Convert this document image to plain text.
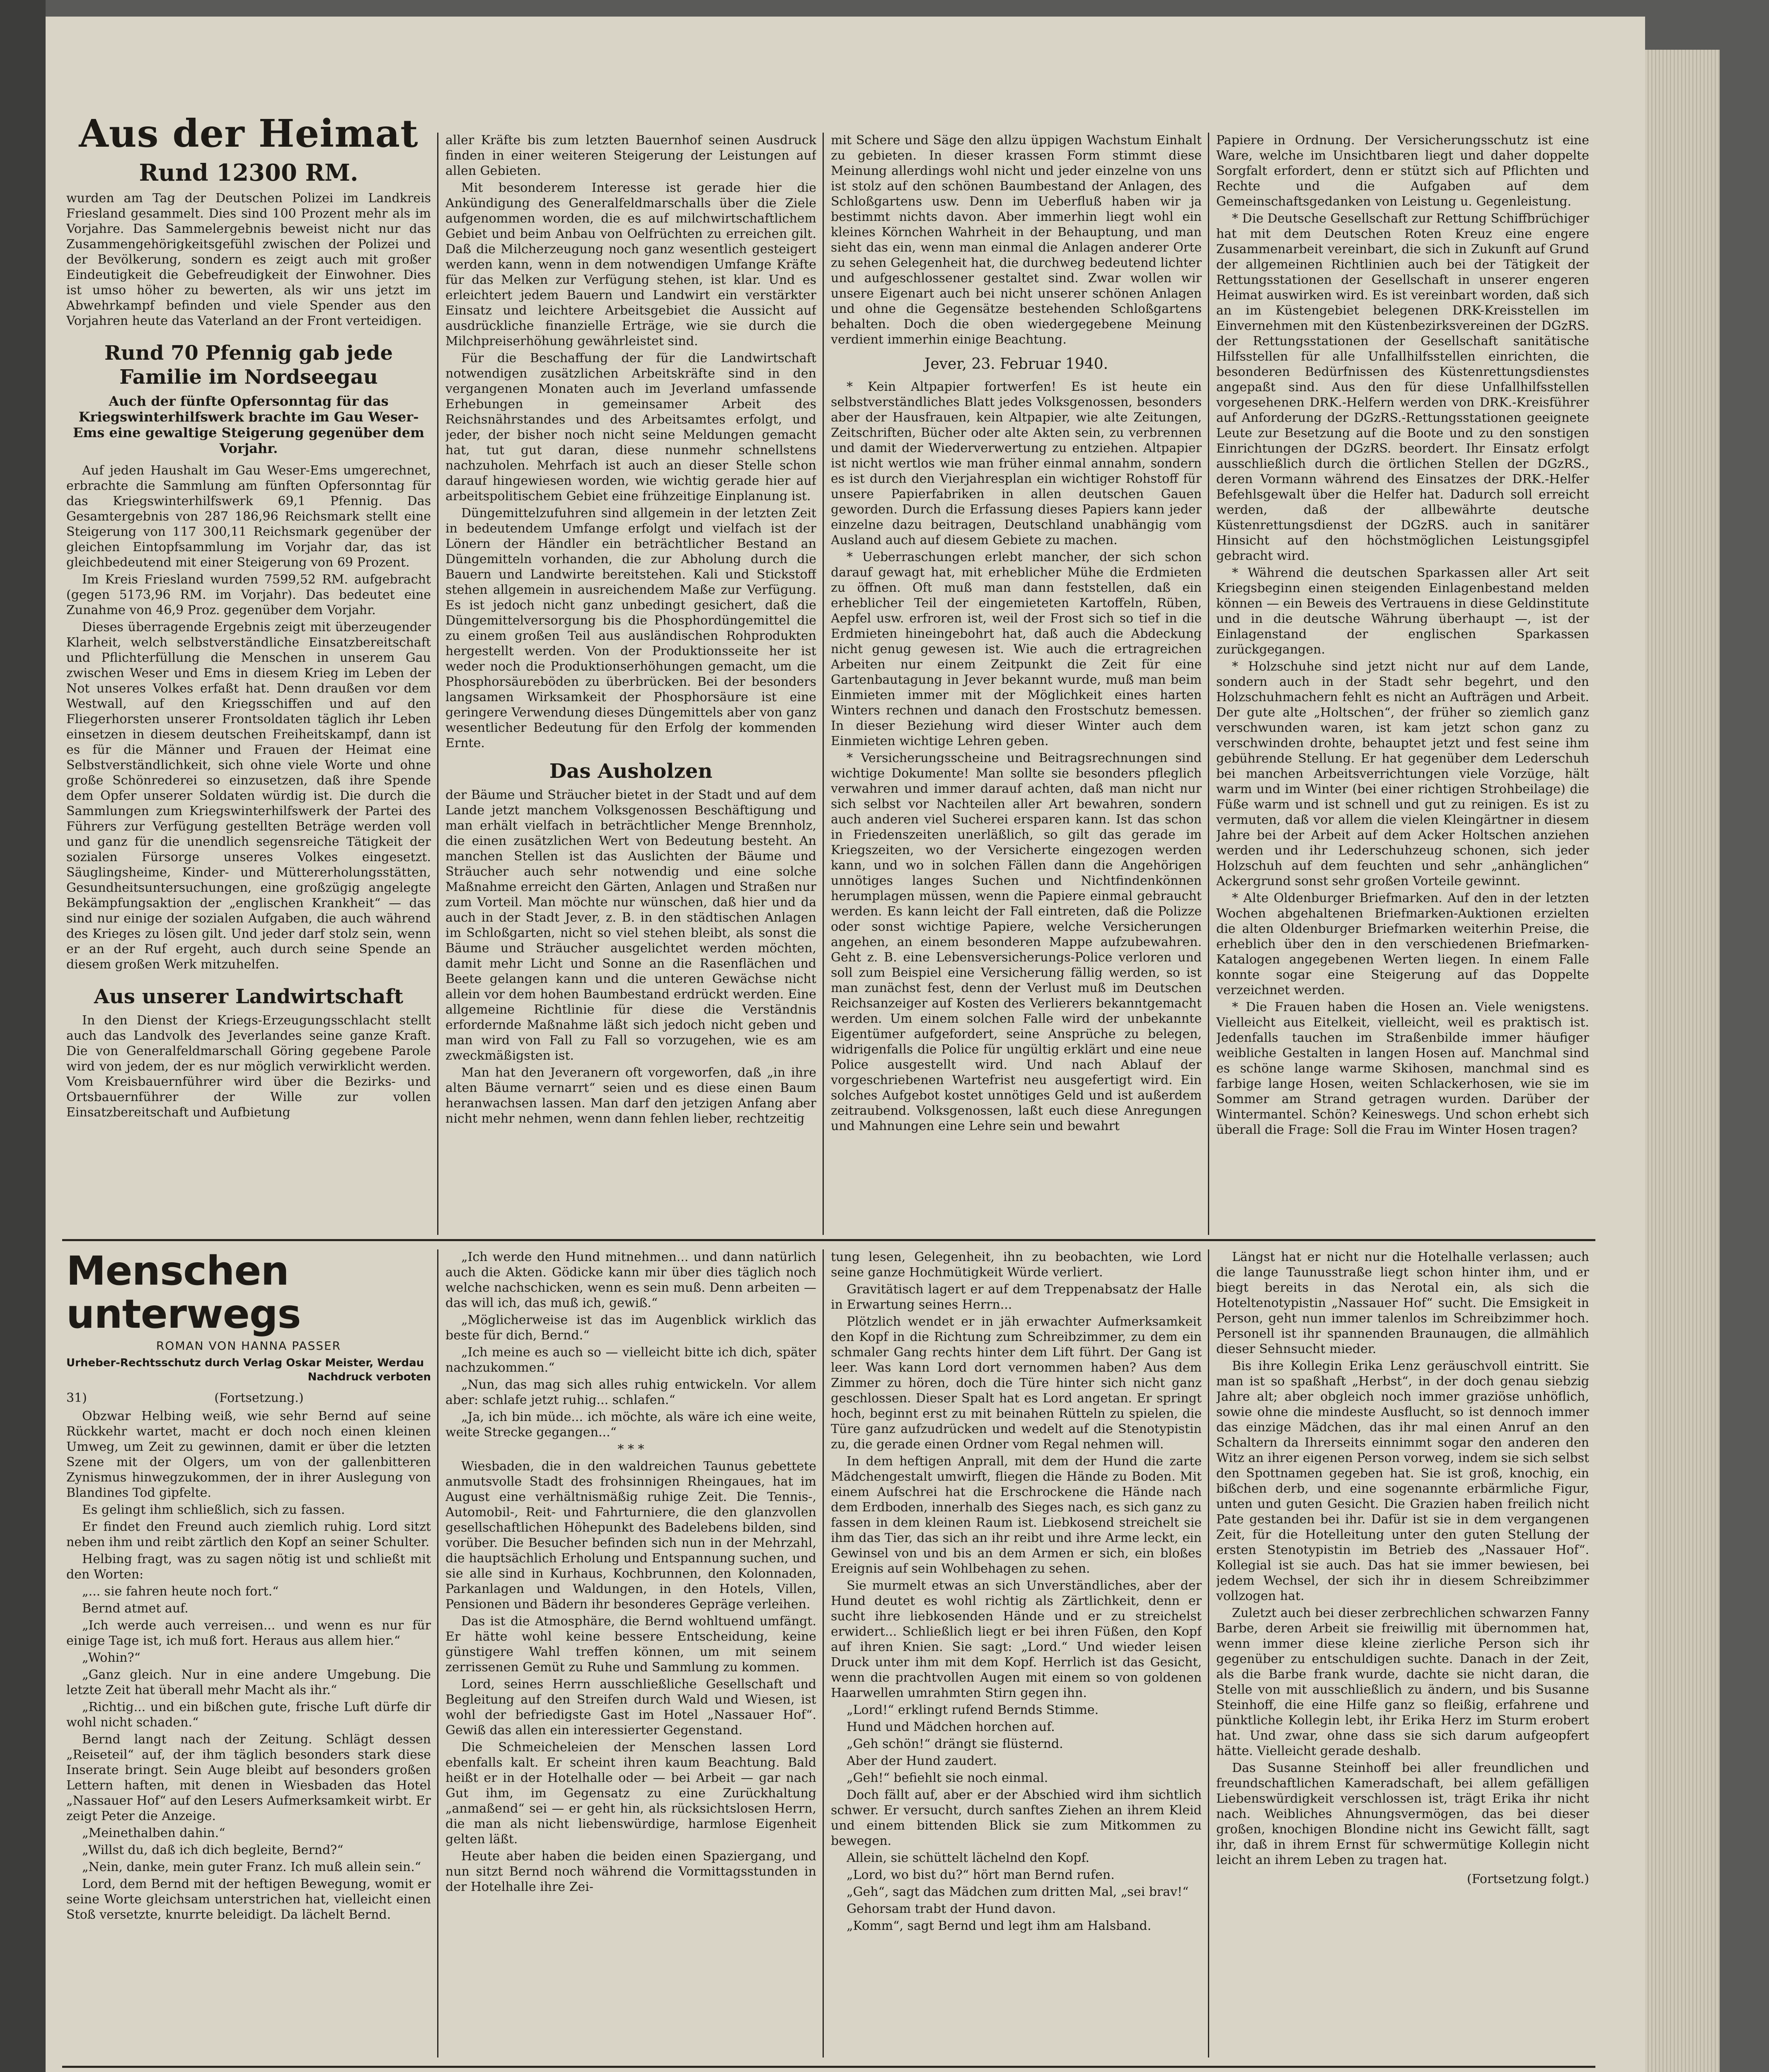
Aus der Heimat
Rund 12300 RM.

wurden am Tag der Deutschen Polizei im Landkreis Friesland gesammelt. Dies sind 100 Prozent mehr als im Vorjahre. Das Sammelergebnis beweist nicht nur das Zusammengehörigkeitsgefühl zwischen der Polizei und der Bevölkerung, sondern es zeigt auch mit großer Eindeutigkeit die Gebefreudigkeit der Einwohner. Dies ist umso höher zu bewerten, als wir uns jetzt im Abwehrkampf befinden und viele Spender aus den Vorjahren heute das Vaterland an der Front verteidigen.

Rund 70 Pfennig gab jede Familie im Nordseegau
Auch der fünfte Opfersonntag für das Kriegswinterhilfswerk brachte im Gau Weser-Ems eine gewaltige Steigerung gegenüber dem Vorjahr.

Auf jeden Haushalt im Gau Weser-Ems umgerechnet, erbrachte die Sammlung am fünften Opfersonntag für das Kriegswinterhilfswerk 69,1 Pfennig. Das Gesamtergebnis von 287 186,96 Reichsmark stellt eine Steigerung von 117 300,11 Reichsmark gegenüber der gleichen Eintopfsammlung im Vorjahr dar, das ist gleichbedeutend mit einer Steigerung von 69 Prozent.

Im Kreis Friesland wurden 7599,52 RM. aufgebracht (gegen 5173,96 RM. im Vorjahr). Das bedeutet eine Zunahme von 46,9 Proz. gegenüber dem Vorjahr.

Dieses überragende Ergebnis zeigt mit überzeugender Klarheit, welch selbstverständliche Einsatzbereitschaft und Pflichterfüllung die Menschen in unserem Gau zwischen Weser und Ems in diesem Krieg im Leben der Not unseres Volkes erfaßt hat. Denn draußen vor dem Westwall, auf den Kriegsschiffen und auf den Fliegerhorsten unserer Frontsoldaten täglich ihr Leben einsetzen in diesem deutschen Freiheitskampf, dann ist es für die Männer und Frauen der Heimat eine Selbstverständlichkeit, sich ohne viele Worte und ohne große Schönrederei so einzusetzen, daß ihre Spende dem Opfer unserer Soldaten würdig ist. Die durch die Sammlungen zum Kriegswinterhilfswerk der Partei des Führers zur Verfügung gestellten Beträge werden voll und ganz für die unendlich segensreiche Tätigkeit der sozialen Fürsorge unseres Volkes eingesetzt. Säuglingsheime, Kinder- und Müttererholungsstätten, Gesundheitsuntersuchungen, eine großzügig angelegte Bekämpfungsaktion der „englischen Krankheit“ — das sind nur einige der sozialen Aufgaben, die auch während des Krieges zu lösen gilt. Und jeder darf stolz sein, wenn er an der Ruf ergeht, auch durch seine Spende an diesem großen Werk mitzuhelfen.

Aus unserer Landwirtschaft

In den Dienst der Kriegs-Erzeugungsschlacht stellt auch das Landvolk des Jeverlandes seine ganze Kraft. Die von Generalfeldmarschall Göring gegebene Parole wird von jedem, der es nur möglich verwirklicht werden. Vom Kreisbauernführer wird über die Bezirks- und Ortsbauernführer der Wille zur vollen Einsatzbereitschaft und Aufbietung

aller Kräfte bis zum letzten Bauernhof seinen Ausdruck finden in einer weiteren Steigerung der Leistungen auf allen Gebieten.

Mit besonderem Interesse ist gerade hier die Ankündigung des Generalfeldmarschalls über die Ziele aufgenommen worden, die es auf milchwirtschaftlichem Gebiet und beim Anbau von Oelfrüchten zu erreichen gilt. Daß die Milcherzeugung noch ganz wesentlich gesteigert werden kann, wenn in dem notwendigen Umfange Kräfte für das Melken zur Verfügung stehen, ist klar. Und es erleichtert jedem Bauern und Landwirt ein verstärkter Einsatz und leichtere Arbeitsgebiet die Aussicht auf ausdrückliche finanzielle Erträge, wie sie durch die Milchpreiserhöhung gewährleistet sind.

Für die Beschaffung der für die Landwirtschaft notwendigen zusätzlichen Arbeitskräfte sind in den vergangenen Monaten auch im Jeverland umfassende Erhebungen in gemeinsamer Arbeit des Reichsnährstandes und des Arbeitsamtes erfolgt, und jeder, der bisher noch nicht seine Meldungen gemacht hat, tut gut daran, diese nunmehr schnellstens nachzuholen. Mehrfach ist auch an dieser Stelle schon darauf hingewiesen worden, wie wichtig gerade hier auf arbeitspolitischem Gebiet eine frühzeitige Einplanung ist.

Düngemittelzufuhren sind allgemein in der letzten Zeit in bedeutendem Umfange erfolgt und vielfach ist der Lönern der Händler ein beträchtlicher Bestand an Düngemitteln vorhanden, die zur Abholung durch die Bauern und Landwirte bereitstehen. Kali und Stickstoff stehen allgemein in ausreichendem Maße zur Verfügung. Es ist jedoch nicht ganz unbedingt gesichert, daß die Düngemittelversorgung bis die Phosphordüngemittel die zu einem großen Teil aus ausländischen Rohprodukten hergestellt werden. Von der Produktionsseite her ist weder noch die Produktionserhöhungen gemacht, um die Phosphorsäureböden zu überbrücken. Bei der besonders langsamen Wirksamkeit der Phosphorsäure ist eine geringere Verwendung dieses Düngemittels aber von ganz wesentlicher Bedeutung für den Erfolg der kommenden Ernte.

Das Ausholzen

der Bäume und Sträucher bietet in der Stadt und auf dem Lande jetzt manchem Volksgenossen Beschäftigung und man erhält vielfach in beträchtlicher Menge Brennholz, die einen zusätzlichen Wert von Bedeutung besteht. An manchen Stellen ist das Auslichten der Bäume und Sträucher auch sehr notwendig und eine solche Maßnahme erreicht den Gärten, Anlagen und Straßen nur zum Vorteil. Man möchte nur wünschen, daß hier und da auch in der Stadt Jever, z. B. in den städtischen Anlagen im Schloßgarten, nicht so viel stehen bleibt, als sonst die Bäume und Sträucher ausgelichtet werden möchten, damit mehr Licht und Sonne an die Rasenflächen und Beete gelangen kann und die unteren Gewächse nicht allein vor dem hohen Baumbestand erdrückt werden. Eine allgemeine Richtlinie für diese die Verständnis erfordernde Maßnahme läßt sich jedoch nicht geben und man wird von Fall zu Fall so vorzugehen, wie es am zweckmäßigsten ist.

Man hat den Jeveranern oft vorgeworfen, daß „in ihre alten Bäume vernarrt“ seien und es diese einen Baum heranwachsen lassen. Man darf den jetzigen Anfang aber nicht mehr nehmen, wenn dann fehlen lieber, rechtzeitig

mit Schere und Säge den allzu üppigen Wachstum Einhalt zu gebieten. In dieser krassen Form stimmt diese Meinung allerdings wohl nicht und jeder einzelne von uns ist stolz auf den schönen Baumbestand der Anlagen, des Schloßgartens usw. Denn im Ueberfluß haben wir ja bestimmt nichts davon. Aber immerhin liegt wohl ein kleines Körnchen Wahrheit in der Behauptung, und man sieht das ein, wenn man einmal die Anlagen anderer Orte zu sehen Gelegenheit hat, die durchweg bedeutend lichter und aufgeschlossener gestaltet sind. Zwar wollen wir unsere Eigenart auch bei nicht unserer schönen Anlagen und ohne die Gegensätze bestehenden Schloßgartens behalten. Doch die oben wiedergegebene Meinung verdient immerhin einige Beachtung.

Jever, 23. Februar 1940.

* Kein Altpapier fortwerfen! Es ist heute ein selbstverständliches Blatt jedes Volksgenossen, besonders aber der Hausfrauen, kein Altpapier, wie alte Zeitungen, Zeitschriften, Bücher oder alte Akten sein, zu verbrennen und damit der Wiederverwertung zu entziehen. Altpapier ist nicht wertlos wie man früher einmal annahm, sondern es ist durch den Vierjahresplan ein wichtiger Rohstoff für unsere Papierfabriken in allen deutschen Gauen geworden. Durch die Erfassung dieses Papiers kann jeder einzelne dazu beitragen, Deutschland unabhängig vom Ausland auch auf diesem Gebiete zu machen.

* Ueberraschungen erlebt mancher, der sich schon darauf gewagt hat, mit erheblicher Mühe die Erdmieten zu öffnen. Oft muß man dann feststellen, daß ein erheblicher Teil der eingemieteten Kartoffeln, Rüben, Aepfel usw. erfroren ist, weil der Frost sich so tief in die Erdmieten hineingebohrt hat, daß auch die Abdeckung nicht genug gewesen ist. Wie auch die ertragreichen Arbeiten nur einem Zeitpunkt die Zeit für eine Gartenbautagung in Jever bekannt wurde, muß man beim Einmieten immer mit der Möglichkeit eines harten Winters rechnen und danach den Frostschutz bemessen. In dieser Beziehung wird dieser Winter auch dem Einmieten wichtige Lehren geben.

* Versicherungsscheine und Beitragsrechnungen sind wichtige Dokumente! Man sollte sie besonders pfleglich verwahren und immer darauf achten, daß man nicht nur sich selbst vor Nachteilen aller Art bewahren, sondern auch anderen viel Sucherei ersparen kann. Ist das schon in Friedenszeiten unerläßlich, so gilt das gerade im Kriegszeiten, wo der Versicherte eingezogen werden kann, und wo in solchen Fällen dann die Angehörigen unnötiges langes Suchen und Nichtfindenkönnen herumplagen müssen, wenn die Papiere einmal gebraucht werden. Es kann leicht der Fall eintreten, daß die Polizze oder sonst wichtige Papiere, welche Versicherungen angehen, an einem besonderen Mappe aufzubewahren. Geht z. B. eine Lebensversicherungs-Police verloren und soll zum Beispiel eine Versicherung fällig werden, so ist man zunächst fest, denn der Verlust muß im Deutschen Reichsanzeiger auf Kosten des Verlierers bekanntgemacht werden. Um einem solchen Falle wird der unbekannte Eigentümer aufgefordert, seine Ansprüche zu belegen, widrigenfalls die Police für ungültig erklärt und eine neue Police ausgestellt wird. Und nach Ablauf der vorgeschriebenen Wartefrist neu ausgefertigt wird. Ein solches Aufgebot kostet unnötiges Geld und ist außerdem zeitraubend. Volksgenossen, laßt euch diese Anregungen und Mahnungen eine Lehre sein und bewahrt

Papiere in Ordnung. Der Versicherungsschutz ist eine Ware, welche im Unsichtbaren liegt und daher doppelte Sorgfalt erfordert, denn er stützt sich auf Pflichten und Rechte und die Aufgaben auf dem Gemeinschaftsgedanken von Leistung u. Gegenleistung.

* Die Deutsche Gesellschaft zur Rettung Schiffbrüchiger hat mit dem Deutschen Roten Kreuz eine engere Zusammenarbeit vereinbart, die sich in Zukunft auf Grund der allgemeinen Richtlinien auch bei der Tätigkeit der Rettungsstationen der Gesellschaft in unserer engeren Heimat auswirken wird. Es ist vereinbart worden, daß sich an im Küstengebiet belegenen DRK-Kreisstellen im Einvernehmen mit den Küstenbezirksvereinen der DGzRS. der Rettungsstationen der Gesellschaft sanitätische Hilfsstellen für alle Unfallhilfsstellen einrichten, die besonderen Bedürfnissen des Küstenrettungsdienstes angepaßt sind. Aus den für diese Unfallhilfsstellen vorgesehenen DRK.-Helfern werden von DRK.-Kreisführer auf Anforderung der DGzRS.-Rettungsstationen geeignete Leute zur Besetzung auf die Boote und zu den sonstigen Einrichtungen der DGzRS. beordert. Ihr Einsatz erfolgt ausschließlich durch die örtlichen Stellen der DGzRS., deren Vormann während des Einsatzes der DRK.-Helfer Befehlsgewalt über die Helfer hat. Dadurch soll erreicht werden, daß der allbewährte deutsche Küstenrettungsdienst der DGzRS. auch in sanitärer Hinsicht auf den höchstmöglichen Leistungsgipfel gebracht wird.

* Während die deutschen Sparkassen aller Art seit Kriegsbeginn einen steigenden Einlagenbestand melden können — ein Beweis des Vertrauens in diese Geldinstitute und in die deutsche Währung überhaupt —, ist der Einlagenstand der englischen Sparkassen zurückgegangen.

* Holzschuhe sind jetzt nicht nur auf dem Lande, sondern auch in der Stadt sehr begehrt, und den Holzschuhmachern fehlt es nicht an Aufträgen und Arbeit. Der gute alte „Holtschen“, der früher so ziemlich ganz verschwunden waren, ist kam jetzt schon ganz zu verschwinden drohte, behauptet jetzt und fest seine ihm gebührende Stellung. Er hat gegenüber dem Lederschuh bei manchen Arbeitsverrichtungen viele Vorzüge, hält warm und im Winter (bei einer richtigen Strohbeilage) die Füße warm und ist schnell und gut zu reinigen. Es ist zu vermuten, daß vor allem die vielen Kleingärtner in diesem Jahre bei der Arbeit auf dem Acker Holtschen anziehen werden und ihr Lederschuhzeug schonen, sich jeder Holzschuh auf dem feuchten und sehr „anhänglichen“ Ackergrund sonst sehr großen Vorteile gewinnt.

* Alte Oldenburger Briefmarken. Auf den in der letzten Wochen abgehaltenen Briefmarken-Auktionen erzielten die alten Oldenburger Briefmarken weiterhin Preise, die erheblich über den in den verschiedenen Briefmarken-Katalogen angegebenen Werten liegen. In einem Falle konnte sogar eine Steigerung auf das Doppelte verzeichnet werden.

* Die Frauen haben die Hosen an. Viele wenigstens. Vielleicht aus Eitelkeit, vielleicht, weil es praktisch ist. Jedenfalls tauchen im Straßenbilde immer häufiger weibliche Gestalten in langen Hosen auf. Manchmal sind es schöne lange warme Skihosen, manchmal sind es farbige lange Hosen, weiten Schlackerhosen, wie sie im Sommer am Strand getragen wurden. Darüber der Wintermantel. Schön? Keineswegs. Und schon erhebt sich überall die Frage: Soll die Frau im Winter Hosen tragen?

Menschen unterwegs
ROMAN VON HANNA PASSER
Urheber-Rechtsschutz durch Verlag Oskar Meister, Werdau
Nachdruck verboten
31)	(Fortsetzung.)

Obzwar Helbing weiß, wie sehr Bernd auf seine Rückkehr wartet, macht er doch noch einen kleinen Umweg, um Zeit zu gewinnen, damit er über die letzten Szene mit der Olgers, um von der gallenbitteren Zynismus hinwegzukommen, der in ihrer Auslegung von Blandines Tod gipfelte.

Es gelingt ihm schließlich, sich zu fassen.

Er findet den Freund auch ziemlich ruhig. Lord sitzt neben ihm und reibt zärtlich den Kopf an seiner Schulter.

Helbing fragt, was zu sagen nötig ist und schließt mit den Worten:

„... sie fahren heute noch fort.“

Bernd atmet auf.

„Ich werde auch verreisen... und wenn es nur für einige Tage ist, ich muß fort. Heraus aus allem hier.“

„Wohin?“

„Ganz gleich. Nur in eine andere Umgebung. Die letzte Zeit hat überall mehr Macht als ihr.“

„Richtig... und ein bißchen gute, frische Luft dürfe dir wohl nicht schaden.“

Bernd langt nach der Zeitung. Schlägt dessen „Reiseteil“ auf, der ihm täglich besonders stark diese Inserate bringt. Sein Auge bleibt auf besonders großen Lettern haften, mit denen in Wiesbaden das Hotel „Nassauer Hof“ auf den Lesers Aufmerksamkeit wirbt. Er zeigt Peter die Anzeige.

„Meinethalben dahin.“

„Willst du, daß ich dich begleite, Bernd?“

„Nein, danke, mein guter Franz. Ich muß allein sein.“

Lord, dem Bernd mit der heftigen Bewegung, womit er seine Worte gleichsam unterstrichen hat, vielleicht einen Stoß versetzte, knurrte beleidigt. Da lächelt Bernd.

„Ich werde den Hund mitnehmen... und dann natürlich auch die Akten. Gödicke kann mir über dies täglich noch welche nachschicken, wenn es sein muß. Denn arbeiten — das will ich, das muß ich, gewiß.“

„Möglicherweise ist das im Augenblick wirklich das beste für dich, Bernd.“

„Ich meine es auch so — vielleicht bitte ich dich, später nachzukommen.“

„Nun, das mag sich alles ruhig entwickeln. Vor allem aber: schlafe jetzt ruhig... schlafen.“

„Ja, ich bin müde... ich möchte, als wäre ich eine weite, weite Strecke gegangen...“

* * *

Wiesbaden, die in den waldreichen Taunus gebettete anmutsvolle Stadt des frohsinnigen Rheingaues, hat im August eine verhältnismäßig ruhige Zeit. Die Tennis-, Automobil-, Reit- und Fahrturniere, die den glanzvollen gesellschaftlichen Höhepunkt des Badelebens bilden, sind vorüber. Die Besucher befinden sich nun in der Mehrzahl, die hauptsächlich Erholung und Entspannung suchen, und sie alle sind in Kurhaus, Kochbrunnen, den Kolonnaden, Parkanlagen und Waldungen, in den Hotels, Villen, Pensionen und Bädern ihr besonderes Gepräge verleihen.

Das ist die Atmosphäre, die Bernd wohltuend umfängt. Er hätte wohl keine bessere Entscheidung, keine günstigere Wahl treffen können, um mit seinem zerrissenen Gemüt zu Ruhe und Sammlung zu kommen.

Lord, seines Herrn ausschließliche Gesellschaft und Begleitung auf den Streifen durch Wald und Wiesen, ist wohl der befriedigste Gast im Hotel „Nassauer Hof“. Gewiß das allen ein interessierter Gegenstand.

Die Schmeicheleien der Menschen lassen Lord ebenfalls kalt. Er scheint ihren kaum Beachtung. Bald heißt er in der Hotelhalle oder — bei Arbeit — gar nach Gut ihm, im Gegensatz zu eine Zurückhaltung „anmaßend“ sei — er geht hin, als rücksichtslosen Herrn, die man als nicht liebenswürdige, harmlose Eigenheit gelten läßt.

Heute aber haben die beiden einen Spaziergang, und nun sitzt Bernd noch während die Vormittagsstunden in der Hotelhalle ihre Zei-

tung lesen, Gelegenheit, ihn zu beobachten, wie Lord seine ganze Hochmütigkeit Würde verliert.

Gravitätisch lagert er auf dem Treppenabsatz der Halle in Erwartung seines Herrn...

Plötzlich wendet er in jäh erwachter Aufmerksamkeit den Kopf in die Richtung zum Schreibzimmer, zu dem ein schmaler Gang rechts hinter dem Lift führt. Der Gang ist leer. Was kann Lord dort vernommen haben? Aus dem Zimmer zu hören, doch die Türe hinter sich nicht ganz geschlossen. Dieser Spalt hat es Lord angetan. Er springt hoch, beginnt erst zu mit beinahen Rütteln zu spielen, die Türe ganz aufzudrücken und wedelt auf die Stenotypistin zu, die gerade einen Ordner vom Regal nehmen will.

In dem heftigen Anprall, mit dem der Hund die zarte Mädchengestalt umwirft, fliegen die Hände zu Boden. Mit einem Aufschrei hat die Erschrockene die Hände nach dem Erdboden, innerhalb des Sieges nach, es sich ganz zu fassen in dem kleinen Raum ist. Liebkosend streichelt sie ihm das Tier, das sich an ihr reibt und ihre Arme leckt, ein Gewinsel von und bis an dem Armen er sich, ein bloßes Ereignis auf sein Wohlbehagen zu sehen.

Sie murmelt etwas an sich Unverständliches, aber der Hund deutet es wohl richtig als Zärtlichkeit, denn er sucht ihre liebkosenden Hände und er zu streichelst erwidert... Schließlich liegt er bei ihren Füßen, den Kopf auf ihren Knien. Sie sagt: „Lord.“ Und wieder leisen Druck unter ihm mit dem Kopf. Herrlich ist das Gesicht, wenn die prachtvollen Augen mit einem so von goldenen Haarwellen umrahmten Stirn gegen ihn.

„Lord!“ erklingt rufend Bernds Stimme.

Hund und Mädchen horchen auf.

„Geh schön!“ drängt sie flüsternd.

Aber der Hund zaudert.

„Geh!“ befiehlt sie noch einmal.

Doch fällt auf, aber er der Abschied wird ihm sichtlich schwer. Er versucht, durch sanftes Ziehen an ihrem Kleid und einem bittenden Blick sie zum Mitkommen zu bewegen.

Allein, sie schüttelt lächelnd den Kopf.

„Lord, wo bist du?“ hört man Bernd rufen.

„Geh“, sagt das Mädchen zum dritten Mal, „sei brav!“

Gehorsam trabt der Hund davon.

„Komm“, sagt Bernd und legt ihm am Halsband.

Längst hat er nicht nur die Hotelhalle verlassen; auch die lange Taunusstraße liegt schon hinter ihm, und er biegt bereits in das Nerotal ein, als sich die Hoteltenotypistin „Nassauer Hof“ sucht. Die Emsigkeit in Person, geht nun immer talenlos im Schreibzimmer hoch. Personell ist ihr spannenden Braunaugen, die allmählich dieser Sehnsucht mieder.

Bis ihre Kollegin Erika Lenz geräuschvoll eintritt. Sie man ist so spaßhaft „Herbst“, in der doch genau siebzig Jahre alt; aber obgleich noch immer graziöse unhöflich, sowie ohne die mindeste Ausflucht, so ist dennoch immer das einzige Mädchen, das ihr mal einen Anruf an den Schaltern da Ihrerseits einnimmt sogar den anderen den Witz an ihrer eigenen Person vorweg, indem sie sich selbst den Spottnamen gegeben hat. Sie ist groß, knochig, ein bißchen derb, und eine sogenannte erbärmliche Figur, unten und guten Gesicht. Die Grazien haben freilich nicht Pate gestanden bei ihr. Dafür ist sie in dem vergangenen Zeit, für die Hotelleitung unter den guten Stellung der ersten Stenotypistin im Betrieb des „Nassauer Hof“. Kollegial ist sie auch. Das hat sie immer bewiesen, bei jedem Wechsel, der sich ihr in diesem Schreibzimmer vollzogen hat.

Zuletzt auch bei dieser zerbrechlichen schwarzen Fanny Barbe, deren Arbeit sie freiwillig mit übernommen hat, wenn immer diese kleine zierliche Person sich ihr gegenüber zu entschuldigen suchte. Danach in der Zeit, als die Barbe frank wurde, dachte sie nicht daran, die Stelle von mit ausschließlich zu ändern, und bis Susanne Steinhoff, die eine Hilfe ganz so fleißig, erfahrene und pünktliche Kollegin lebt, ihr Erika Herz im Sturm erobert hat. Und zwar, ohne dass sie sich darum aufgeopfert hätte. Vielleicht gerade deshalb.

Das Susanne Steinhoff bei aller freundlichen und freundschaftlichen Kameradschaft, bei allem gefälligen Liebenswürdigkeit verschlossen ist, trägt Erika ihr nicht nach. Weibliches Ahnungsvermögen, das bei dieser großen, knochigen Blondine nicht ins Gewicht fällt, sagt ihr, daß in ihrem Ernst für schwermütige Kollegin nicht leicht an ihrem Leben zu tragen hat.

(Fortsetzung folgt.)
